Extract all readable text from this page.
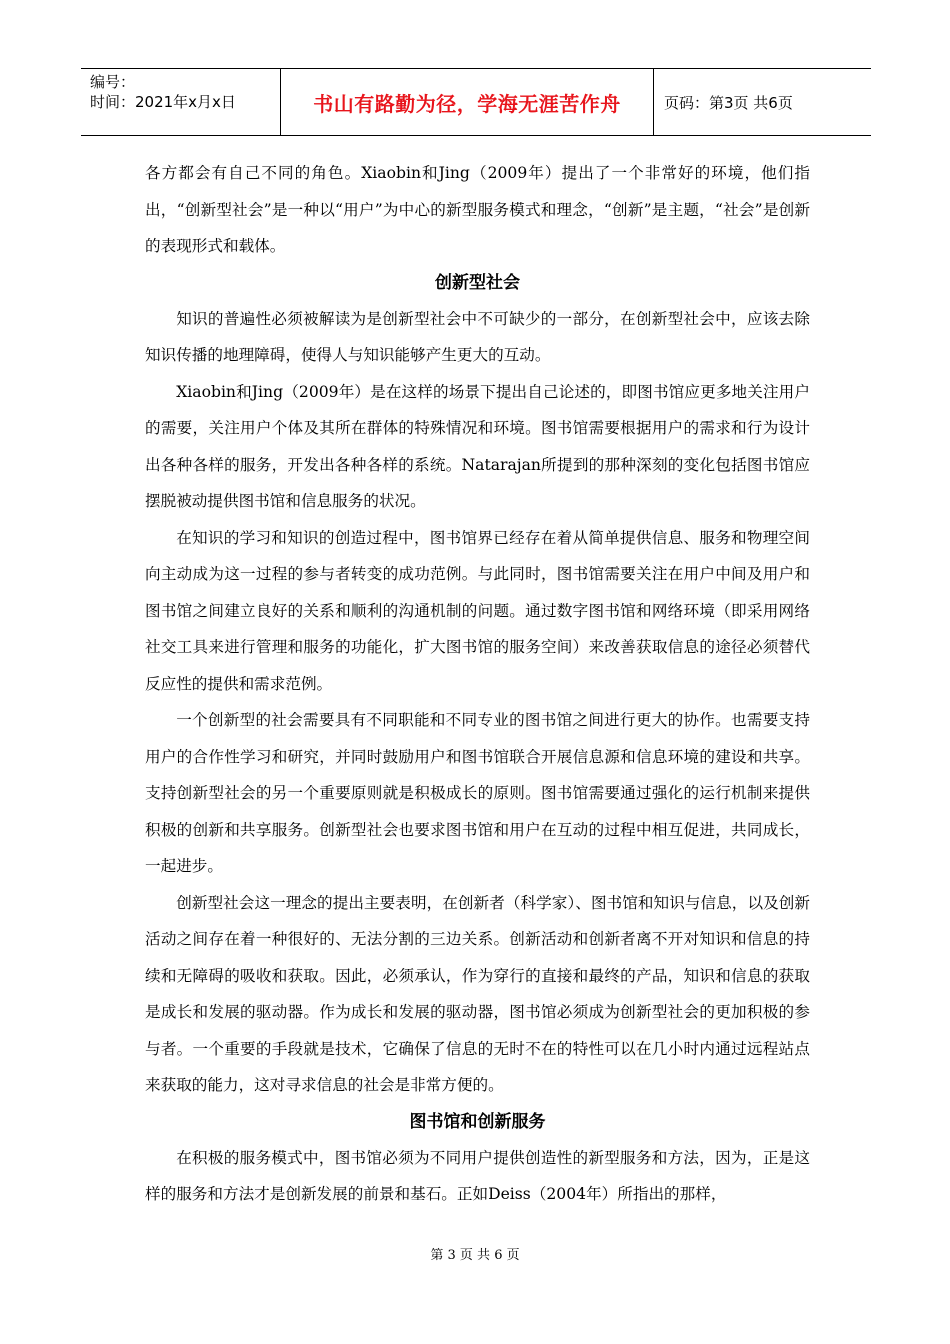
编号：
时间：2021年x月x日	书山有路勤为径，学海无涯苦作舟	页码：第3页 共6页

各方都会有自己不同的角色。Xiaobin和Jing（2009年）提出了一个非常好的环境，他们指出，“创新型社会”是一种以“用户”为中心的新型服务模式和理念，“创新”是主题，“社会”是创新的表现形式和载体。

创新型社会

知识的普遍性必须被解读为是创新型社会中不可缺少的一部分，在创新型社会中，应该去除知识传播的地理障碍，使得人与知识能够产生更大的互动。

Xiaobin和Jing（2009年）是在这样的场景下提出自己论述的，即图书馆应更多地关注用户的需要，关注用户个体及其所在群体的特殊情况和环境。图书馆需要根据用户的需求和行为设计出各种各样的服务，开发出各种各样的系统。Natarajan所提到的那种深刻的变化包括图书馆应摆脱被动提供图书馆和信息服务的状况。

在知识的学习和知识的创造过程中，图书馆界已经存在着从简单提供信息、服务和物理空间向主动成为这一过程的参与者转变的成功范例。与此同时，图书馆需要关注在用户中间及用户和图书馆之间建立良好的关系和顺利的沟通机制的问题。通过数字图书馆和网络环境（即采用网络社交工具来进行管理和服务的功能化，扩大图书馆的服务空间）来改善获取信息的途径必须替代反应性的提供和需求范例。

一个创新型的社会需要具有不同职能和不同专业的图书馆之间进行更大的协作。也需要支持用户的合作性学习和研究，并同时鼓励用户和图书馆联合开展信息源和信息环境的建设和共享。支持创新型社会的另一个重要原则就是积极成长的原则。图书馆需要通过强化的运行机制来提供积极的创新和共享服务。创新型社会也要求图书馆和用户在互动的过程中相互促进，共同成长，一起进步。

创新型社会这一理念的提出主要表明，在创新者（科学家）、图书馆和知识与信息，以及创新活动之间存在着一种很好的、无法分割的三边关系。创新活动和创新者离不开对知识和信息的持续和无障碍的吸收和获取。因此，必须承认，作为穿行的直接和最终的产品，知识和信息的获取是成长和发展的驱动器。作为成长和发展的驱动器，图书馆必须成为创新型社会的更加积极的参与者。一个重要的手段就是技术，它确保了信息的无时不在的特性可以在几小时内通过远程站点来获取的能力，这对寻求信息的社会是非常方便的。

图书馆和创新服务

在积极的服务模式中，图书馆必须为不同用户提供创造性的新型服务和方法，因为，正是这样的服务和方法才是创新发展的前景和基石。正如Deiss（2004年）所指出的那样，

第 3 页 共 6 页
